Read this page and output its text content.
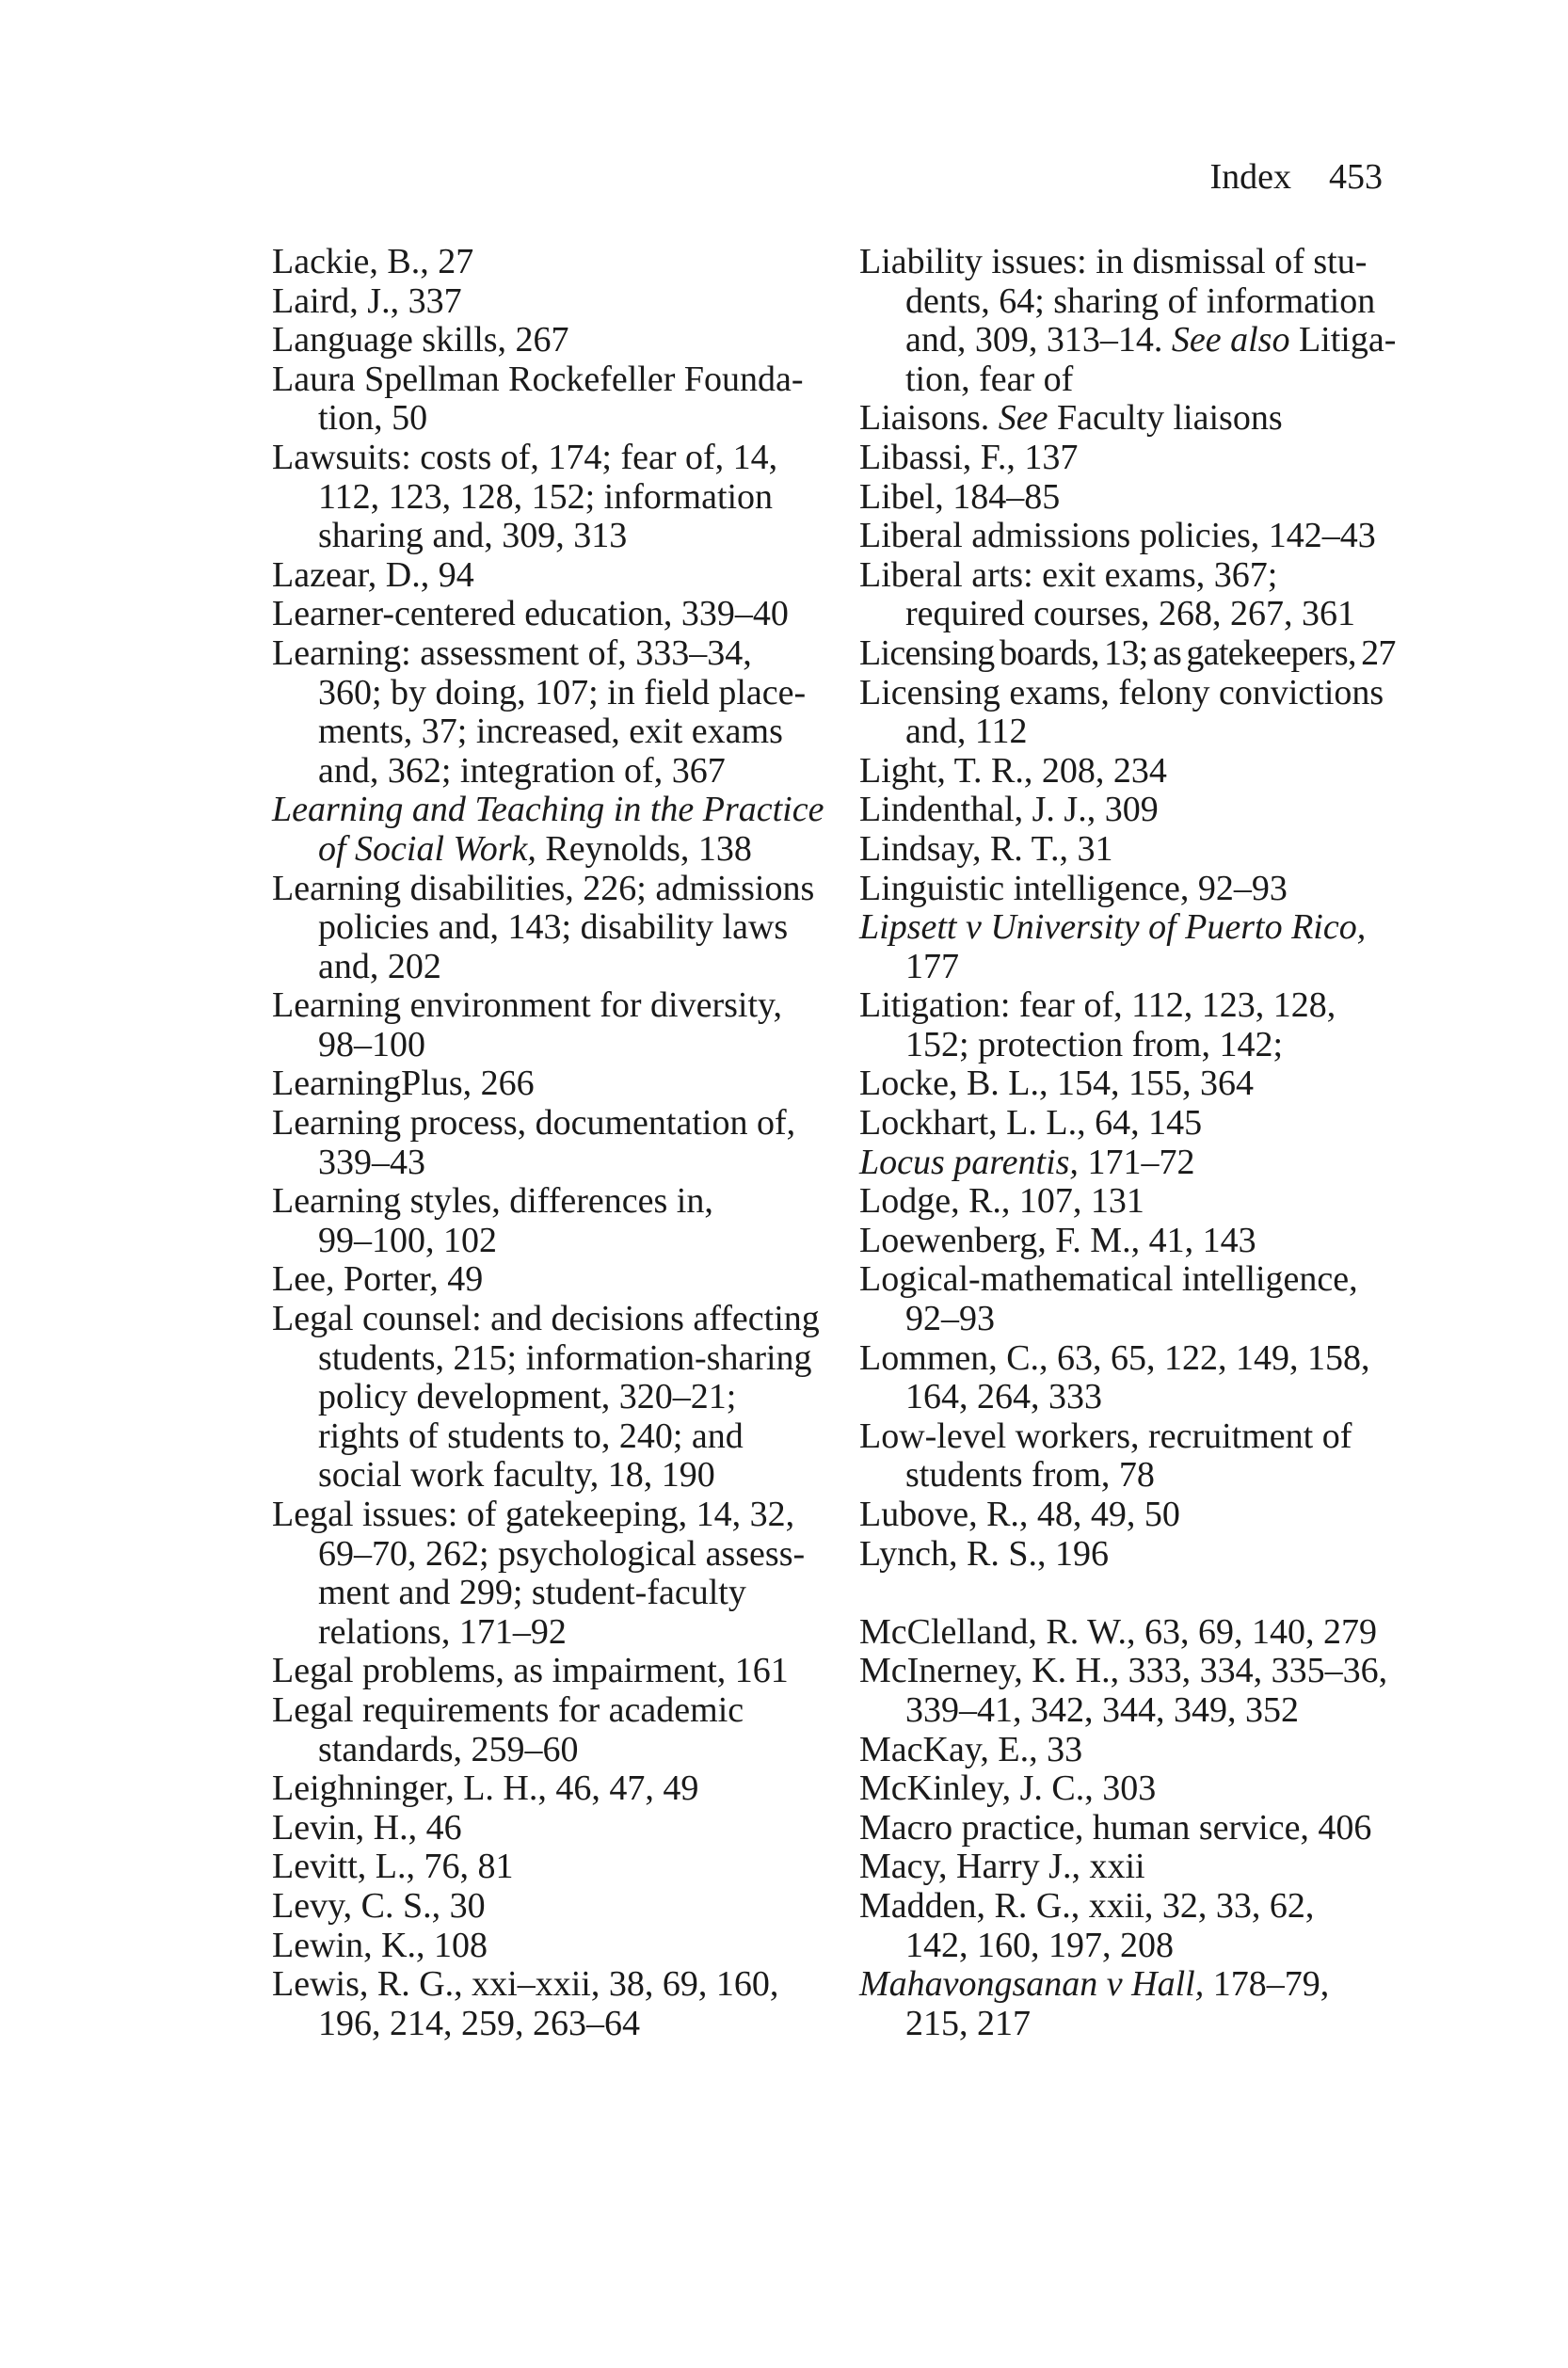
Index 453
Lackie, B., 27
Laird, J., 337
Language skills, 267
Laura Spellman Rockefeller Founda-
tion, 50
Lawsuits: costs of, 174; fear of, 14,
112, 123, 128, 152; information
sharing and, 309, 313
Lazear, D., 94
Learner-centered education, 339–40
Learning: assessment of, 333–34,
360; by doing, 107; in field place-
ments, 37; increased, exit exams
and, 362; integration of, 367
Learning and Teaching in the Practice
of Social Work, Reynolds, 138
Learning disabilities, 226; admissions
policies and, 143; disability laws
and, 202
Learning environment for diversity,
98–100
LearningPlus, 266
Learning process, documentation of,
339–43
Learning styles, differences in,
99–100, 102
Lee, Porter, 49
Legal counsel: and decisions affecting
students, 215; information-sharing
policy development, 320–21;
rights of students to, 240; and
social work faculty, 18, 190
Legal issues: of gatekeeping, 14, 32,
69–70, 262; psychological assess-
ment and 299; student-faculty
relations, 171–92
Legal problems, as impairment, 161
Legal requirements for academic
standards, 259–60
Leighninger, L. H., 46, 47, 49
Levin, H., 46
Levitt, L., 76, 81
Levy, C. S., 30
Lewin, K., 108
Lewis, R. G., xxi–xxii, 38, 69, 160,
196, 214, 259, 263–64
Liability issues: in dismissal of stu-
dents, 64; sharing of information
and, 309, 313–14. See also Litiga-
tion, fear of
Liaisons. See Faculty liaisons
Libassi, F., 137
Libel, 184–85
Liberal admissions policies, 142–43
Liberal arts: exit exams, 367;
required courses, 268, 267, 361
Licensing boards, 13; as gatekeepers, 27
Licensing exams, felony convictions
and, 112
Light, T. R., 208, 234
Lindenthal, J. J., 309
Lindsay, R. T., 31
Linguistic intelligence, 92–93
Lipsett v University of Puerto Rico,
177
Litigation: fear of, 112, 123, 128,
152; protection from, 142;
Locke, B. L., 154, 155, 364
Lockhart, L. L., 64, 145
Locus parentis, 171–72
Lodge, R., 107, 131
Loewenberg, F. M., 41, 143
Logical-mathematical intelligence,
92–93
Lommen, C., 63, 65, 122, 149, 158,
164, 264, 333
Low-level workers, recruitment of
students from, 78
Lubove, R., 48, 49, 50
Lynch, R. S., 196
McClelland, R. W., 63, 69, 140, 279
McInerney, K. H., 333, 334, 335–36,
339–41, 342, 344, 349, 352
MacKay, E., 33
McKinley, J. C., 303
Macro practice, human service, 406
Macy, Harry J., xxii
Madden, R. G., xxii, 32, 33, 62,
142, 160, 197, 208
Mahavongsanan v Hall, 178–79,
215, 217
